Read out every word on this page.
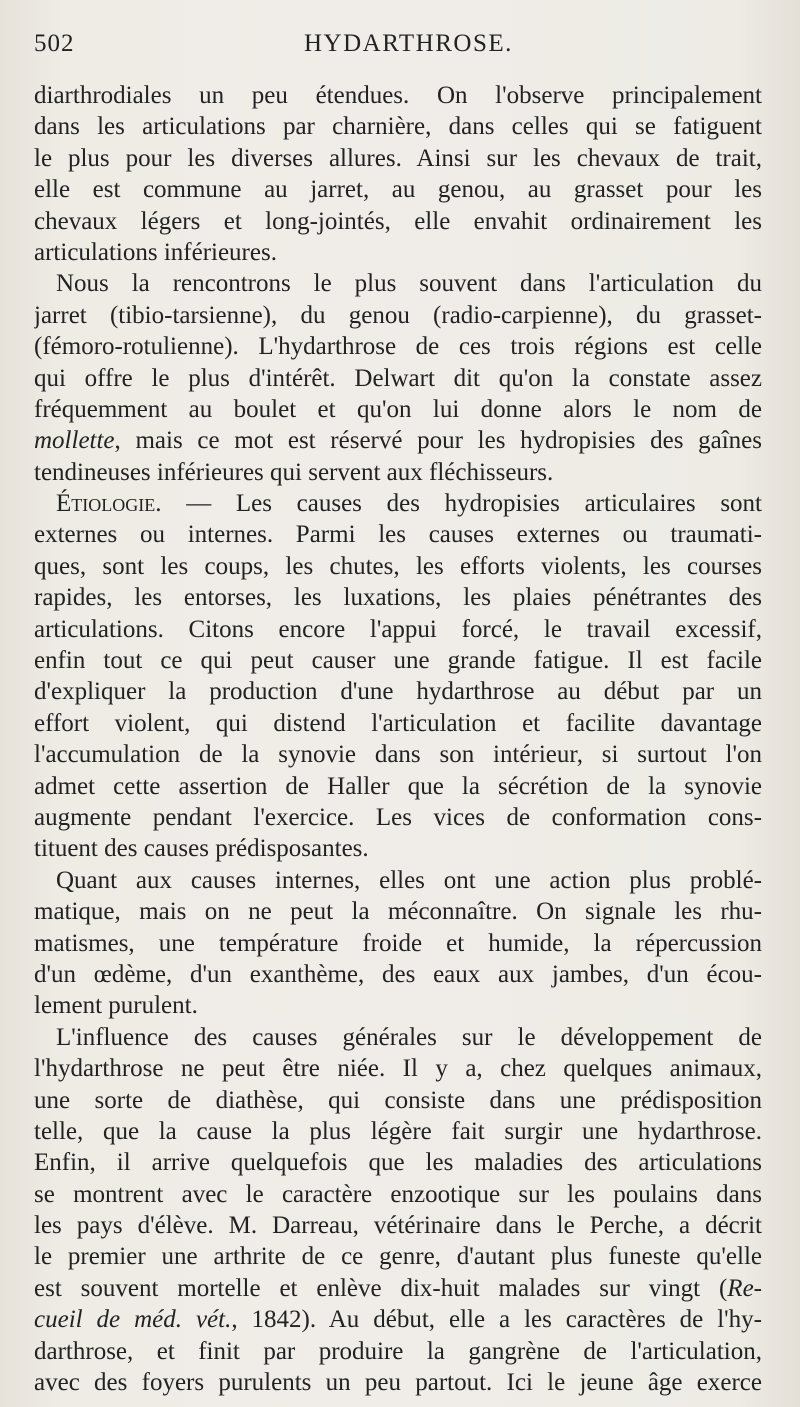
502	HYDARTHROSE.
diarthrodiales un peu étendues. On l'observe principalement
dans les articulations par charnière, dans celles qui se fatiguent
le plus pour les diverses allures. Ainsi sur les chevaux de trait,
elle est commune au jarret, au genou, au grasset pour les
chevaux légers et long-jointés, elle envahit ordinairement les
articulations inférieures.
Nous la rencontrons le plus souvent dans l'articulation du
jarret (tibio-tarsienne), du genou (radio-carpienne), du grasset-
(fémoro-rotulienne). L'hydarthrose de ces trois régions est celle
qui offre le plus d'intérêt. Delwart dit qu'on la constate assez
fréquemment au boulet et qu'on lui donne alors le nom de
mollette, mais ce mot est réservé pour les hydropisies des gaînes
tendineuses inférieures qui servent aux fléchisseurs.
Étiologie. — Les causes des hydropisies articulaires sont
externes ou internes. Parmi les causes externes ou traumati-
ques, sont les coups, les chutes, les efforts violents, les courses
rapides, les entorses, les luxations, les plaies pénétrantes des
articulations. Citons encore l'appui forcé, le travail excessif,
enfin tout ce qui peut causer une grande fatigue. Il est facile
d'expliquer la production d'une hydarthrose au début par un
effort violent, qui distend l'articulation et facilite davantage
l'accumulation de la synovie dans son intérieur, si surtout l'on
admet cette assertion de Haller que la sécrétion de la synovie
augmente pendant l'exercice. Les vices de conformation cons-
tituent des causes prédisposantes.
Quant aux causes internes, elles ont une action plus problé-
matique, mais on ne peut la méconnaître. On signale les rhu-
matismes, une température froide et humide, la répercussion
d'un œdème, d'un exanthème, des eaux aux jambes, d'un écou-
lement purulent.
L'influence des causes générales sur le développement de
l'hydarthrose ne peut être niée. Il y a, chez quelques animaux,
une sorte de diathèse, qui consiste dans une prédisposition
telle, que la cause la plus légère fait surgir une hydarthrose.
Enfin, il arrive quelquefois que les maladies des articulations
se montrent avec le caractère enzootique sur les poulains dans
les pays d'élève. M. Darreau, vétérinaire dans le Perche, a décrit
le premier une arthrite de ce genre, d'autant plus funeste qu'elle
est souvent mortelle et enlève dix-huit malades sur vingt (Re-
cueil de méd. vét., 1842). Au début, elle a les caractères de l'hy-
darthrose, et finit par produire la gangrène de l'articulation,
avec des foyers purulents un peu partout. Ici le jeune âge exerce
